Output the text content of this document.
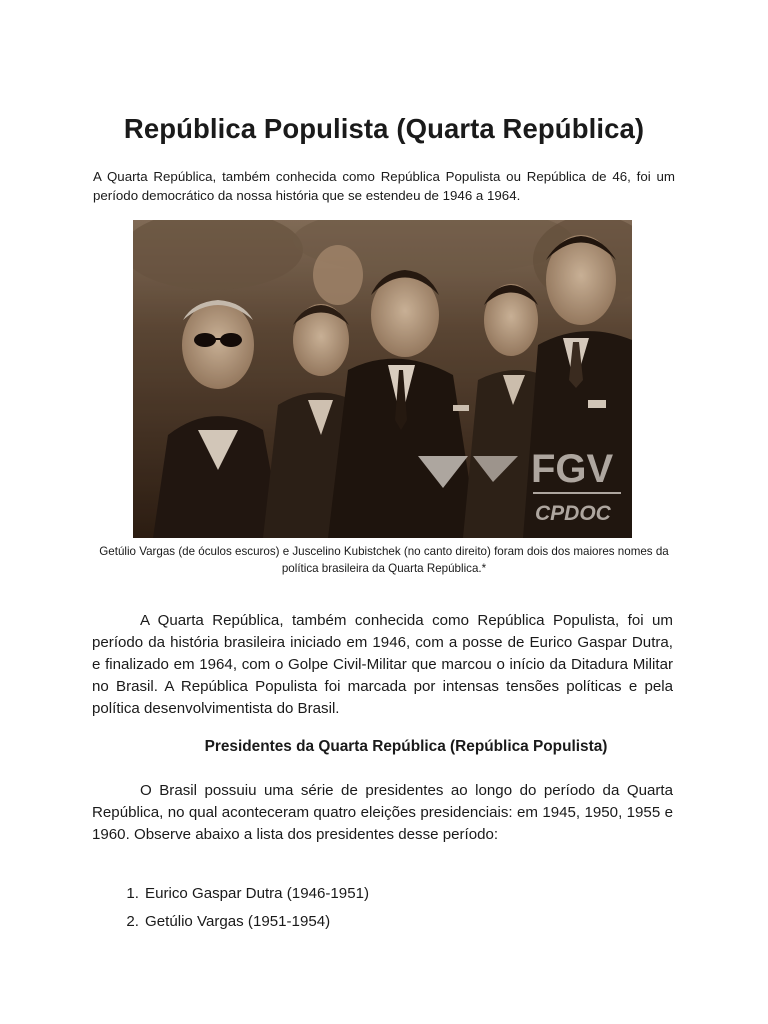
República Populista (Quarta República)

A Quarta República, também conhecida como República Populista ou República de 46, foi um período democrático da nossa história que se estendeu de 1946 a 1964.

FGV
CPDOC

Getúlio Vargas (de óculos escuros) e Juscelino Kubistchek (no canto direito) foram dois dos maiores nomes da política brasileira da Quarta República.*

A Quarta República, também conhecida como República Populista, foi um período da história brasileira iniciado em 1946, com a posse de Eurico Gaspar Dutra, e finalizado em 1964, com o Golpe Civil-Militar que marcou o início da Ditadura Militar no Brasil. A República Populista foi marcada por intensas tensões políticas e pela política desenvolvimentista do Brasil.

Presidentes da Quarta República (República Populista)

O Brasil possuiu uma série de presidentes ao longo do período da Quarta República, no qual aconteceram quatro eleições presidenciais: em 1945, 1950, 1955 e 1960. Observe abaixo a lista dos presidentes desse período:

1. Eurico Gaspar Dutra (1946-1951)
2. Getúlio Vargas (1951-1954)
